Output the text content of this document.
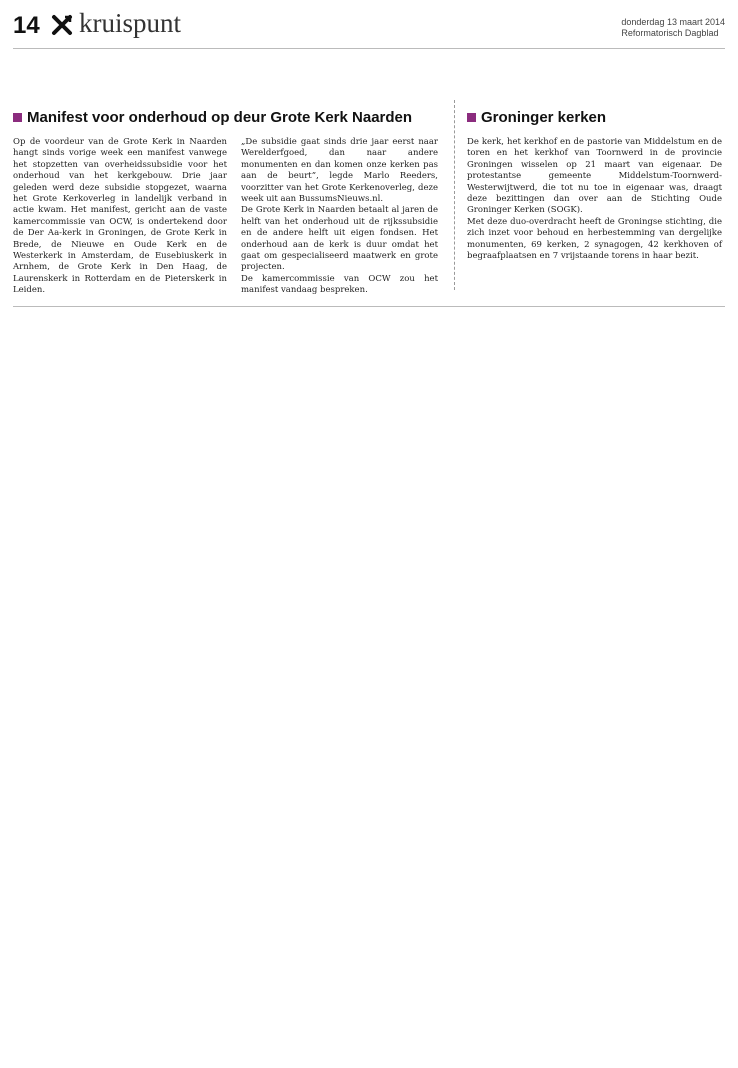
14 kruispunt	donderdag 13 maart 2014
Reformatorisch Dagblad
Manifest voor onderhoud op deur Grote Kerk Naarden

Op de voordeur van de Grote Kerk in Naarden hangt sinds vorige week een manifest vanwege het stopzetten van overheidssubsidie voor het onderhoud van het kerkgebouw. Drie jaar geleden werd deze subsidie stopgezet, waarna het Grote Kerkoverleg in landelijk verband in actie kwam. Het manifest, gericht aan de vaste kamercommissie van OCW, is ondertekend door de Der Aa-kerk in Groningen, de Grote Kerk in Brede, de Nieuwe en Oude Kerk en de Westerkerk in Amsterdam, de Eusebiuskerk in Arnhem, de Grote Kerk in Den Haag, de Laurenskerk in Rotterdam en de Pieterskerk in Leiden.

„De subsidie gaat sinds drie jaar eerst naar Werelderfgoed, dan naar andere monumenten en dan komen onze kerken pas aan de beurt”, legde Marlo Reeders, voorzitter van het Grote Kerkenoverleg, deze week uit aan BussumsNieuws.nl.

De Grote Kerk in Naarden betaalt al jaren de helft van het onderhoud uit de rijkssubsidie en de andere helft uit eigen fondsen. Het onderhoud aan de kerk is duur omdat het gaat om gespecialiseerd maatwerk en grote projecten.

De kamercommissie van OCW zou het manifest vandaag bespreken.

Groninger kerken

De kerk, het kerkhof en de pastorie van Middelstum en de toren en het kerkhof van Toornwerd in de provincie Groningen wisselen op 21 maart van eigenaar. De protestantse gemeente Middelstum-Toornwerd-Westerwijtwerd, die tot nu toe in eigenaar was, draagt deze bezittingen dan over aan de Stichting Oude Groninger Kerken (SOGK).

Met deze duo-overdracht heeft de Groningse stichting, die zich inzet voor behoud en herbestemming van dergelijke monumenten, 69 kerken, 2 synagogen, 42 kerkhoven of begraafplaatsen en 7 vrijstaande torens in haar bezit.
